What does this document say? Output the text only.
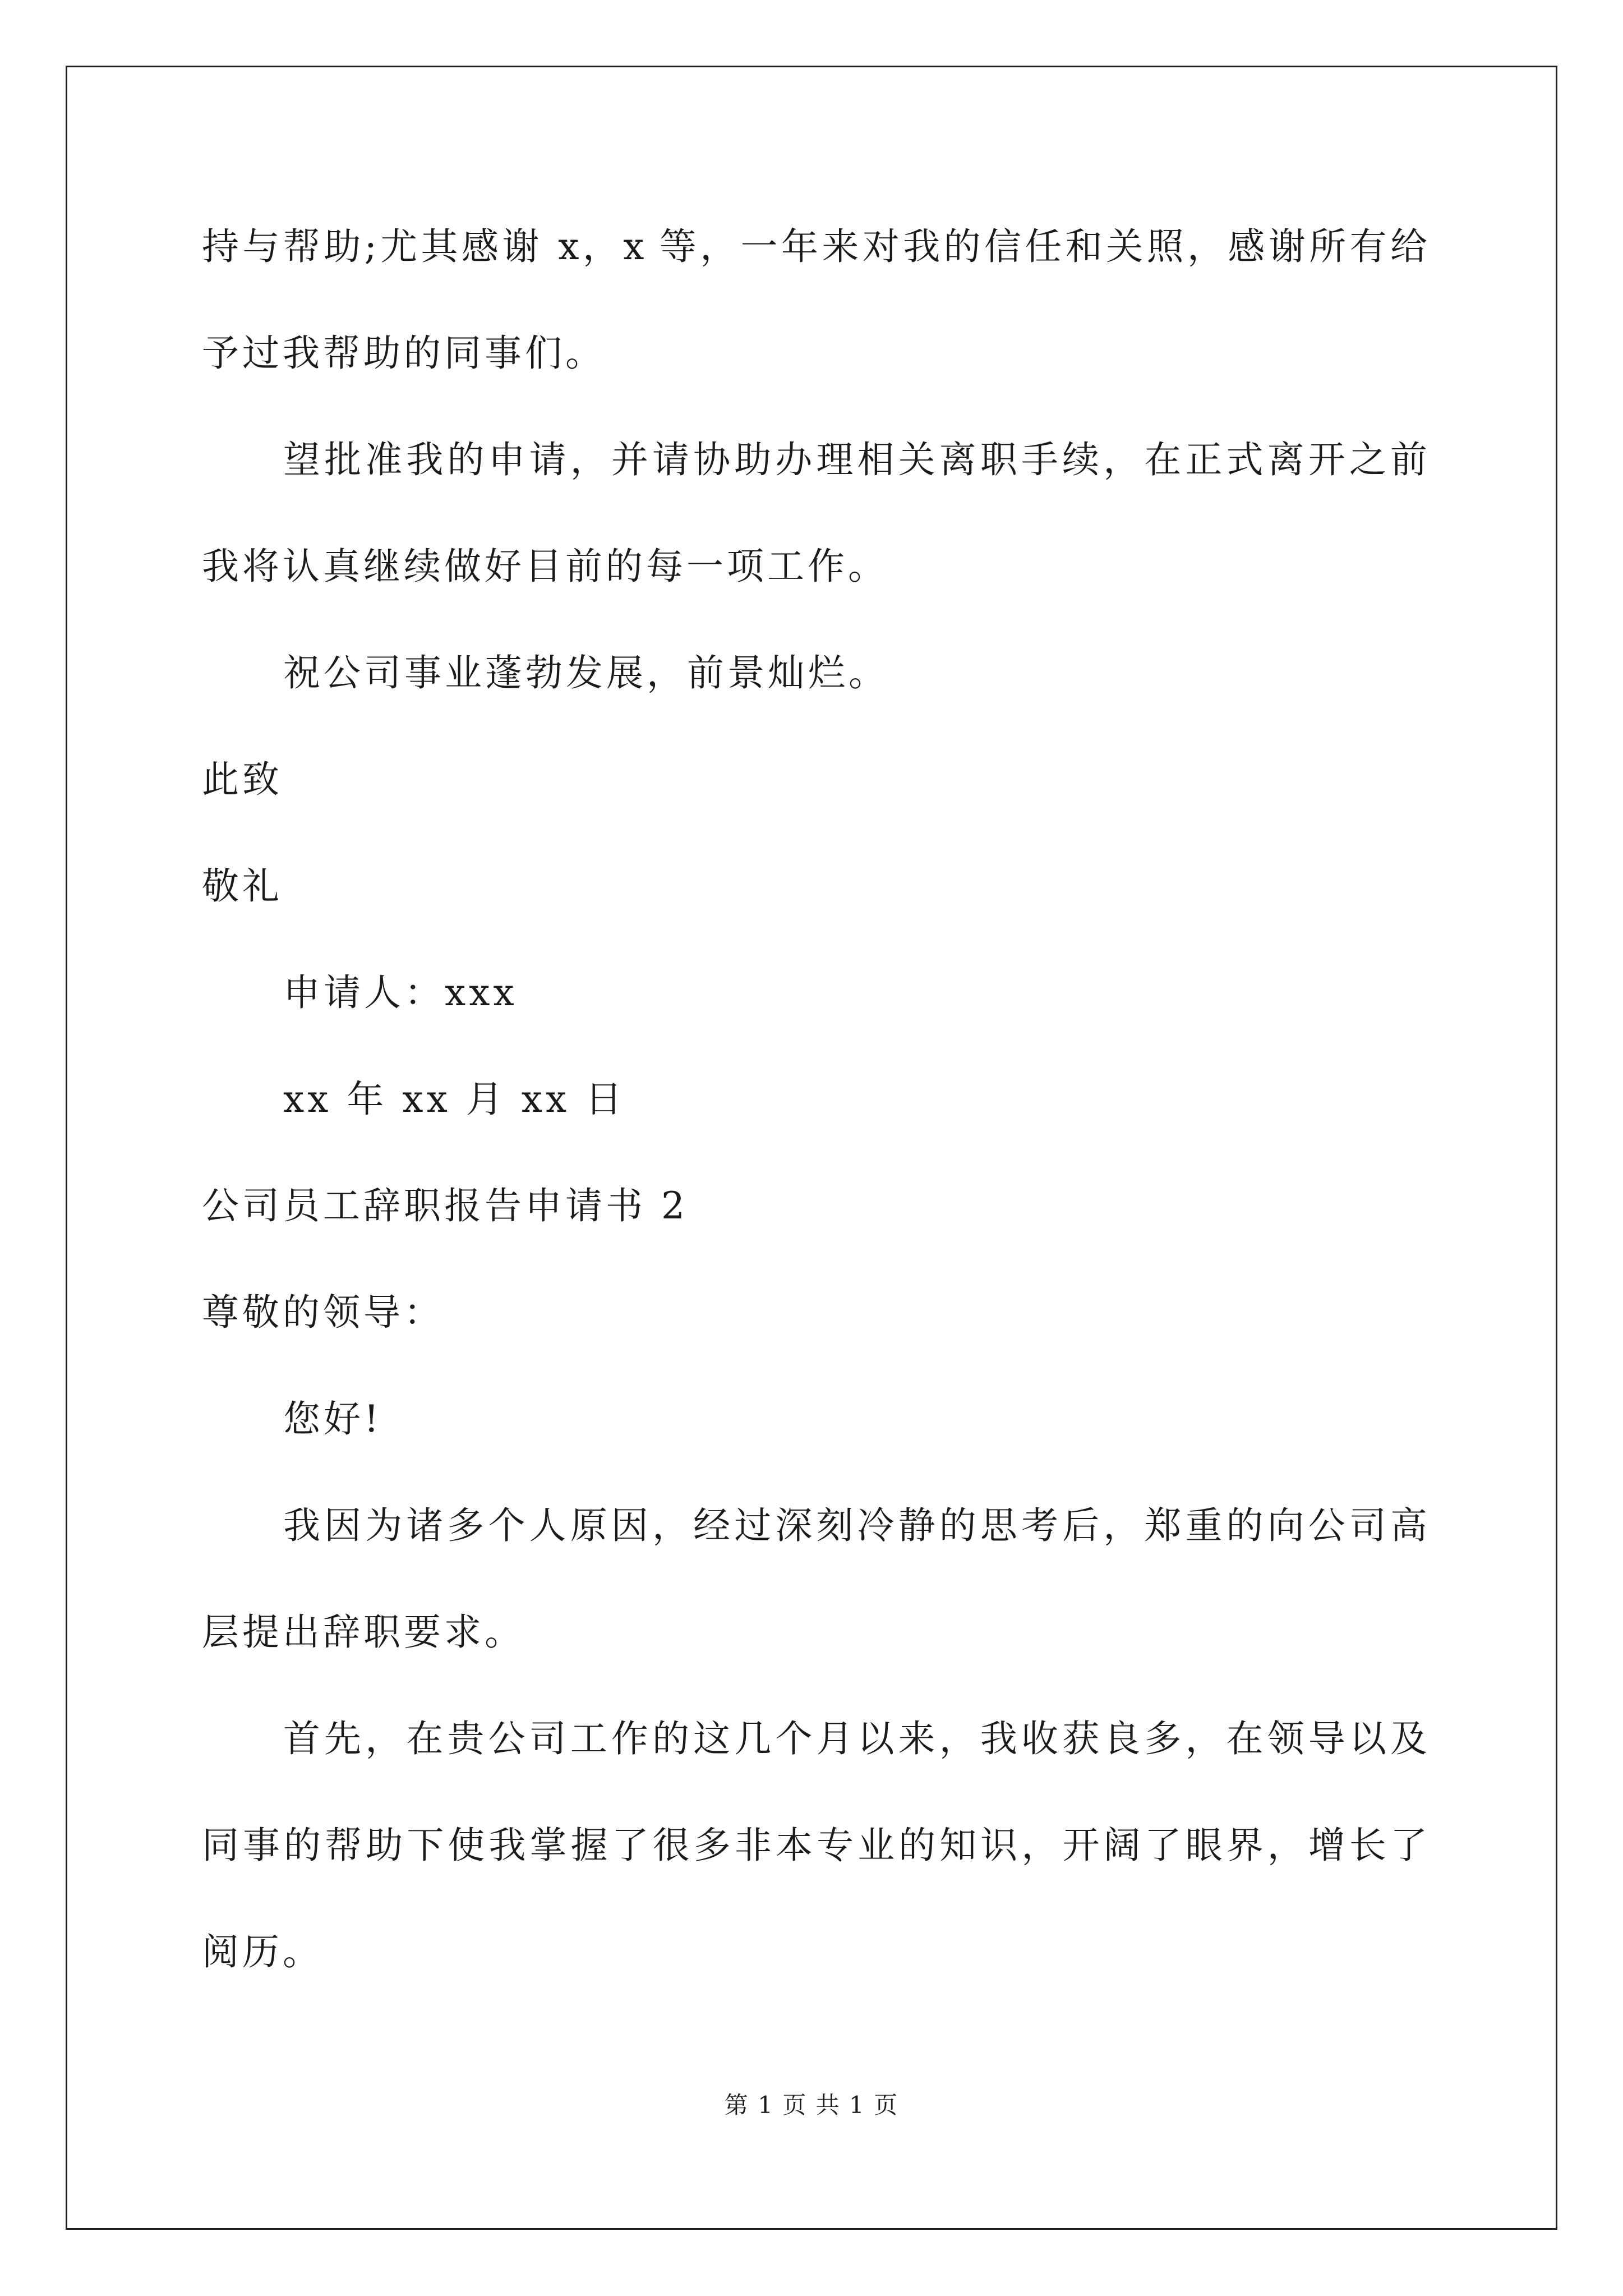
持与帮助;尤其感谢 x，x 等，一年来对我的信任和关照，感谢所有给
予过我帮助的同事们。
望批准我的申请，并请协助办理相关离职手续，在正式离开之前
我将认真继续做好目前的每一项工作。
祝公司事业蓬勃发展，前景灿烂。
此致
敬礼
申请人：xxx
xx 年 xx 月 xx 日
公司员工辞职报告申请书 2
尊敬的领导：
您好!
我因为诸多个人原因，经过深刻冷静的思考后，郑重的向公司高
层提出辞职要求。
首先，在贵公司工作的这几个月以来，我收获良多，在领导以及
同事的帮助下使我掌握了很多非本专业的知识，开阔了眼界，增长了
阅历。
第 1 页 共 1 页
